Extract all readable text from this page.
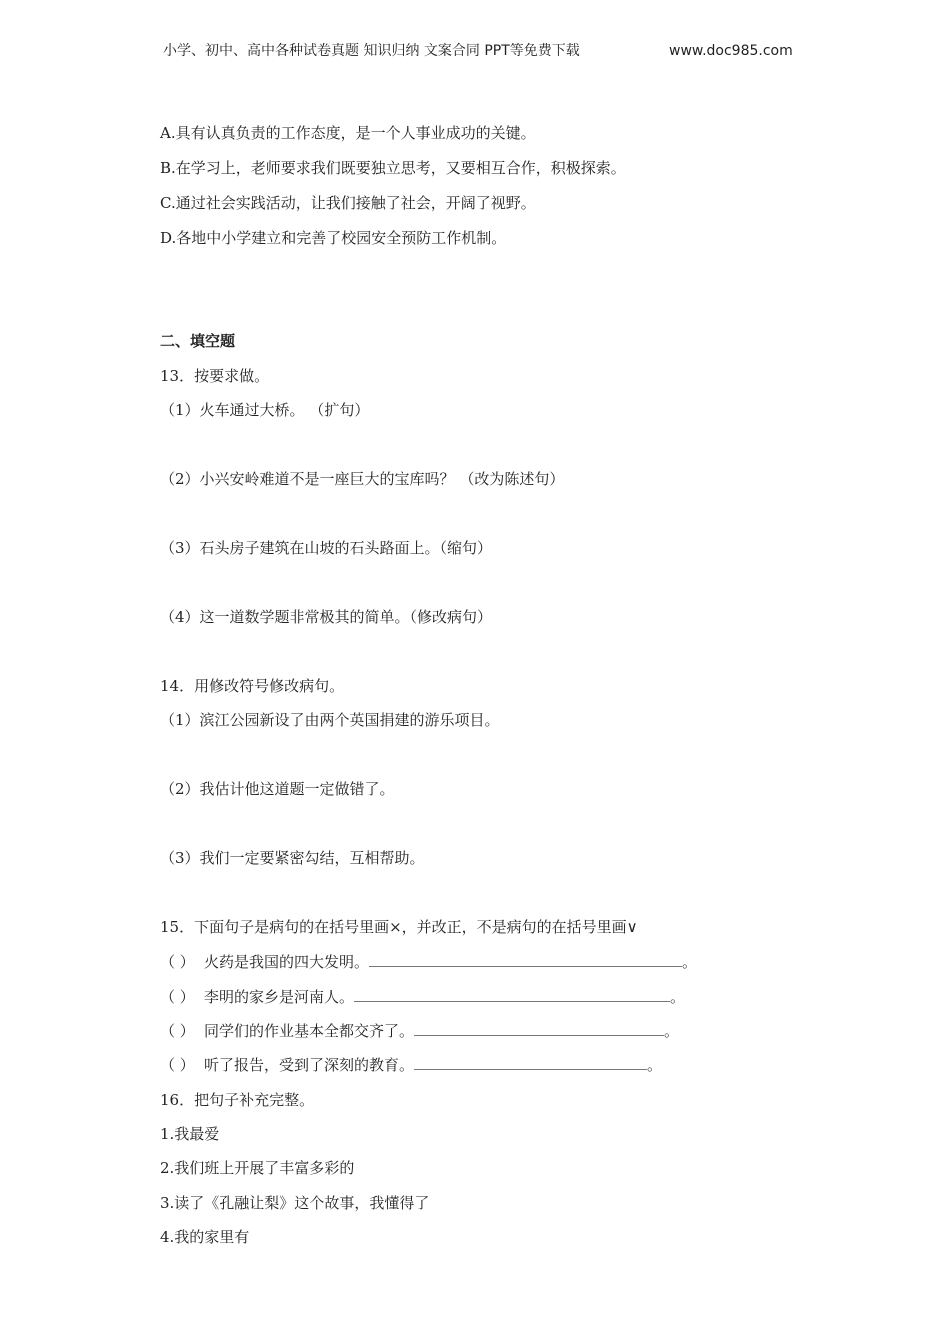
小学、初中、高中各种试卷真题 知识归纳 文案合同 PPT等免费下载	www.doc985.com
A.具有认真负责的工作态度，是一个人事业成功的关键。
B.在学习上，老师要求我们既要独立思考，又要相互合作，积极探索。
C.通过社会实践活动，让我们接触了社会，开阔了视野。
D.各地中小学建立和完善了校园安全预防工作机制。
二、填空题
13．按要求做。
（1）火车通过大桥。 （扩句）
（2）小兴安岭难道不是一座巨大的宝库吗？ （改为陈述句）
（3）石头房子建筑在山坡的石头路面上。（缩句）
（4）这一道数学题非常极其的简单。（修改病句）
14．用修改符号修改病句。
（1）滨江公园新设了由两个英国捐建的游乐项目。
（2）我估计他这道题一定做错了。
（3）我们一定要紧密勾结，互相帮助。
15．下面句子是病句的在括号里画×，并改正，不是病句的在括号里画∨
（ ） 火药是我国的四大发明。	。
（ ） 李明的家乡是河南人。	。
（ ） 同学们的作业基本全都交齐了。	。
（ ） 听了报告，受到了深刻的教育。	。
16．把句子补充完整。
1.我最爱
2.我们班上开展了丰富多彩的
3.读了《孔融让梨》这个故事，我懂得了
4.我的家里有
